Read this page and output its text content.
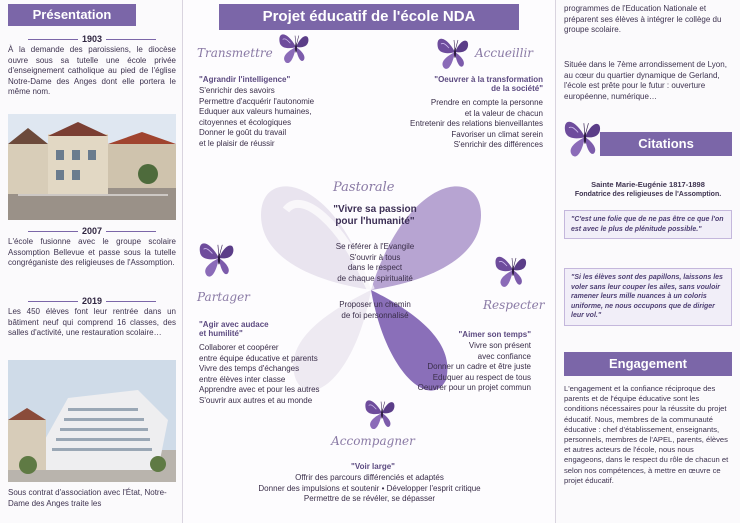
Présentation
1903
À la demande des paroissiens, le diocèse ouvre sous sa tutelle une école privée d'enseignement catholique au pied de l'église Notre-Dame des Anges dont elle portera le même nom.
2007
L'école fusionne avec le groupe scolaire Assomption Bellevue et passe sous la tutelle congréganiste des religieuses de l'Assomption.
2019
Les 450 élèves font leur rentrée dans un bâtiment neuf qui comprend 16 classes, des salles d'activité, une restauration scolaire…
Sous contrat d'association avec l'État, Notre-Dame des Anges traite les
Projet éducatif de l'école NDA
Transmettre
"Agrandir l'intelligence"
S'enrichir des savoirs
Permettre d'acquérir l'autonomie
Eduquer aux valeurs humaines,
citoyennes et écologiques
Donner le goût du travail
et le plaisir de réussir
Accueillir
"Oeuvrer à la transformation
de la société"
Prendre en compte la personne
et la valeur de chacun
Entretenir des relations bienveillantes
Favoriser un climat serein
S'enrichir des différences
Pastorale
"Vivre sa passion
pour l'humanité"
Se référer à l'Evangile
S'ouvrir à tous
dans le respect
de chaque spiritualité
Proposer un chemin
de foi personnalisé
Partager
"Agir avec audace
et humilité"
Collaborer et coopérer
entre équipe éducative et parents
Vivre des temps d'échanges
entre élèves inter classe
Apprendre avec et pour les autres
S'ouvrir aux autres et au monde
Respecter
"Aimer son temps"
Vivre son présent
avec confiance
Donner un cadre et être juste
Eduquer au respect de tous
Oeuvrer pour un projet commun
Accompagner
"Voir large"
Offrir des parcours différenciés et adaptés
Donner des impulsions et soutenir • Développer l'esprit critique
Permettre de se révéler, se dépasser
programmes de l'Education Nationale et préparent ses élèves à intégrer le collège du groupe scolaire.
Située dans le 7ème arrondissement de Lyon, au cœur du quartier dynamique de Gerland, l'école est prête pour le futur : ouverture européenne, numérique…
Citations
Sainte Marie-Eugénie 1817-1898
Fondatrice des religieuses de l'Assomption.
"C'est une folie que de ne pas être ce que l'on est avec le plus de plénitude possible."
"Si les élèves sont des papillons, laissons les voler sans leur couper les ailes, sans vouloir ramener leurs mille nuances à un coloris uniforme, ne nous occupons que de diriger leur vol."
Engagement
L'engagement et la confiance réciproque des parents et de l'équipe éducative sont les conditions nécessaires pour la réussite du projet éducatif. Nous, membres de la communauté éducative : chef d'établissement, enseignants, personnels, membres de l'APEL, parents, élèves et autres acteurs de l'école, nous nous engageons, dans le respect du rôle de chacun et selon nos compétences, à mettre en œuvre ce projet éducatif.
